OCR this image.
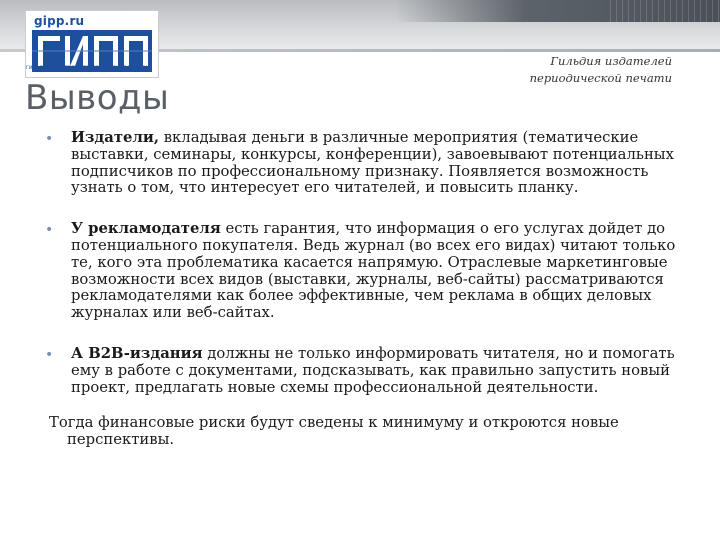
gipp.ru
ГИЛЬДИЯ ИЗДАТЕЛЕЙ ПЕРИОДИЧЕСКОЙ ПЕЧАТИ
Выводы
Гильдия издателей
периодической печати

• Издатели, вкладывая деньги в различные мероприятия (тематические выставки, семинары, конкурсы, конференции), завоевывают потенциальных подписчиков по профессиональному признаку. Появляется возможность узнать о том, что интересует его читателей, и повысить планку.

• У рекламодателя есть гарантия, что информация о его услугах дойдет до потенциального покупателя. Ведь журнал (во всех его видах) читают только те, кого эта проблематика касается напрямую. Отраслевые маркетинговые возможности всех видов (выставки, журналы, веб-сайты) рассматриваются рекламодателями как более эффективные, чем реклама в общих деловых журналах или веб-сайтах.

• А B2B-издания должны не только информировать читателя, но и помогать ему в работе с документами, подсказывать, как правильно запустить новый проект, предлагать новые схемы профессиональной деятельности.

Тогда финансовые риски будут сведены к минимуму и откроются новые перспективы.
